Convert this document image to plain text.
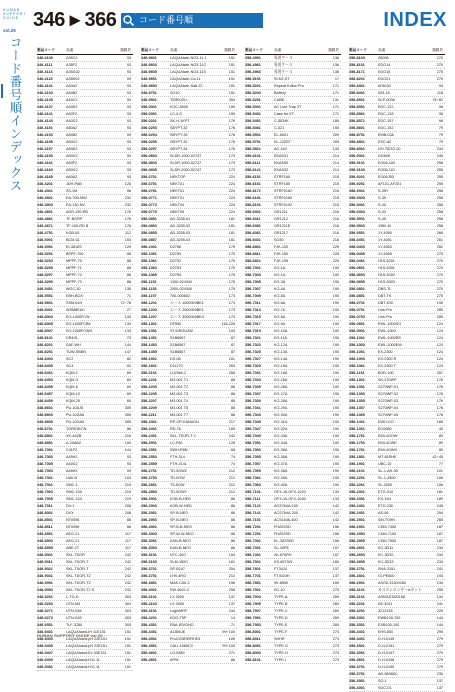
H U M A N
S U P P O R T
G U I D E
vol.29
コード番号順インデックス
346 ▸ 366	コード番号順	INDEX
製品コード	品番	掲載頁
346-4109	A35C2	93
346-4111	A35F2	93
346-4113	A35G02	93
346-4115	A35H02	93
346-4131	A40A2	93
346-4133	A40B2	93
346-4135	A40C2	93
346-4137	A40D2	93
346-4141	A40F2	93
346-4143	A40G2	93
346-4151	A50A2	93
346-4153	A50B2	93
346-4155	A50C2	93
346-4157	A50D2	93
346-4159	A50G2	93
346-4161	A50F2	93
346-4163	A50G2	93
346-4165	A60A2	93
346-4201	JDH-PAB	126
346-4301	ZS-1M	96
346-4501	EA-70B-MW	232
346-4503	EA-130-NV	232
346-4651	ADR-190-RB	176
346-4661	TF-BORP	176
346-4671	TF-100-RD B	178
346-4751	KGB-05	112
346-5001	BCM-01	153
346-5051	EI-3810S	125
346-5251	BPPF-700	88
346-5253	MPPF-70	88
346-5255	MPPF-71	88
346-5257	MPPF-72	88
346-5259	MPPF-73	88
346-5451	WGC-30	135
346-5551	EBH-BOX	71
346-5601	SSM-61H	72~76
346-6001	WSM8EAC	27
346-6003	EO-1000FCW	133
346-6005	EO-1000FCBK	133
346-6007	EO-1000FCWG	133
346-6101	DR4GL	73
346-6201	SAF-WH	144
346-6251	TUW-SBBN	147
346-6403	SC2	82
346-6405	SC4	82
346-6451	KQM-2	69
346-6453	KQM-3	69
346-6455	KQM-5	69
346-6457	KQM-10	69
346-6459	KQM-25	69
346-6601	PU-10AJ5	305
346-6603	PU-10GA6	305
346-6605	PU-10GA6	305
346-6701	TORE3ECN	86
346-6801	VK-A32B	218
346-6851	A-20AB2	100
346-7001	C41F2	144
346-7003	A45H2	93
346-7005	A40G2	93
346-7053	A45H3	93
346-7301	UAV-B	103
346-7901	SMC-1	219
346-7903	SMC-100	219
346-7905	SMC-103	219
346-7911	DV-1	206
346-8001	DVX	206
346-8501	NT0096	88
346-8511	NT0096	88
346-8551	AEG-21	117
346-8553	AEG-21	117
346-8555	ABE-2T	117
346-9001	SKL-TDOR	242
346-9011	SKL-TDOR-T	242
346-9021	SKL-TDOR-T	242
346-9031	SKL-TDOR-T2	242
346-9051	SKL-TDOR-T2	242
346-9053	SKL-TDOR-T2 D	242
346-9251	L-TG-H	303
346-9253	UTN-M4	303
346-9271	UTN-S45	303
346-9273	UTN-S45	303
346-9351	TLF-3250	303
346-9401	LAQUAhand-IH 11E151	151
346-9403	LAQUAhand-pH 22E151	151
346-9405	LAQUAhand-pH 22E151	151
346-9407	LAQUAhand-Ec 33E151	151
346-9409	LAQUAhand-H11 11	151
346-9451	LAQUAhand-H11 11	151
製品コード	品番	掲載頁
346-9601	LAQUAtwin-NO3-11 1	151
346-9603	LAQUAtwin-NO3-11C	151
346-9605	LAQUAtwin-NO3-11S	151
346-9651	LAQUAtwin-Ca-11	151
346-9653	LAQUAtwin-Salt-22	151
346-9751	SO10	151
346-9901	TIBEKIZU	354
356-0001	KOC-3538	159
356-0051	LC-3-S	159
356-0201	SK-H-1KPT	176
356-0253	SBYPT-32	176
356-0254	SBYPT-33	176
356-0255	SBYPT-32	176
356-0257	SBYPT-34	176
356-0603	SLDR-1000-02747	173
356-0603	SLDR-1000-02747	173
356-0605	SLDR-2000-02747	173
356-0701	NEKTOP	224
356-0751	NEKT01	224
356-0761	NEKT01	224
356-0771	NEKT01	224
356-0773	NEKT04	224
356-0775	NEKT05	224
356-0851	AD-3255-01	181
356-0853	AD-3255-02	181
356-0855	AD-3255-03	181
356-0857	AD-3255-04	181
356-1001	D2758	175
356-1051	D2759	175
356-1061	D2752	175
356-1063	D2753	175
356-1065	D2754	175
356-1151	1200-024340	175
356-1153	2000-024340	175
356-1157	700-000602	173
356-1201	エース 1000009BK1	173
356-1203	エース 2000009BK1	173
356-1207	エース 3000009BK3	173
356-1301	DF550	118-225
356-1351	ST41BGUZW	193
356-1451	S1B6567	87
356-1453	S1B6567	87
356-1455	S1B6567	87
356-1501	DX-08	161
356-1601	D11179	263
356-2151	LU2WA-2	268
356-2201	M3-001 T1	88
356-2203	M3-001 T2	88
356-2205	M3-001 T3	88
356-2207	M3-001 T4	88
356-2209	M3-001 T5	88
356-2211	M3-001 T7	88
356-2301	RP-OP-KANAGU	217
356-2401	RD-76	165
356-2451	SKL-TDOR-T 2	242
356-2501	LC-F82	128
356-2551	SWH-R5N	68
356-2553	FTH-314	74
356-2555	FTH-314L	74
356-2751	TD-5OW2	212
356-2753	TD-5OW	212
356-2851	TS-5OW	212
356-2853	TD-5OW7	212
356-2901	KOB-B-HED	86
356-2903	KOB-W-HED	86
356-2951	SP-B-NEO	86
356-2953	SP-B-NEO	86
356-3001	SP-B-B-NEO	86
356-3003	SP-W-W-NEO	86
356-3051	KAN-B-NEO	86
356-3053	KAN-B-NEO	86
356-3151	UTC-40G	154
356-3153	SLM-150C	161
356-3701	SP-B247	254
356-3751	LHV-4RG	212
356-3851	MAK-C00-2	158
356-4001	KW-3002-2	258
356-4101	LX 3000	137
356-4103	LX 3000	137
356-4151	LoginMRF	244
356-4201	KOO-T5P	14
356-4351	EBA-RIVOHO	71
356-4451	A1850JE	99~100
356-4501	ProCONREIRHD1	105
356-4551	CALI-1560CV	99~100
356-4601	LG-5389	271
356-4651	APW	86
製品コード	品番	掲載頁
356-4951	専用ケース	136
356-4961	専用ケース	136
356-4963	専用ケース	136
356-5151	SI-KZ-KT	17
356-5201	Repeat Editor Pro	171
356-5203	Battery	171
356-5251	CUBE	131
356-5301	AC Line Trap 3T	171
356-5401	Case for KT	171
356-5451	C-3034K	189
356-5461	C-021	190
356-5501	EL-6001	209
356-5751	KL-120ST	209
356-5821	AC-140	133
356-6101	EKAS31	214
356-6111	EKAS50	214
356-6121	EKAS32	214
356-6151	STRF160	215
356-6161	STRF185	215
356-6171	STRF0162	215
356-6181	STRF0180	215
356-6191	STRF0192	215
356-6301	GR1211	216
356-6311	GR1212	216
356-6351	GR1211E	216
356-6361	GR1217	216
356-6401	SO30	216
356-6801	FJK-100	225
356-6811	FJK-150	225
356-6821	FJK-195	225
356-7001	KO-1A	190
356-7003	KO-1A	190
356-7005	KO-3A	190
356-7007	KO-4A	190
356-7009	KO-5A	190
356-7011	KO-6A	190
356-7013	KO-7A	190
356-7015	KO-8A	190
356-7017	KO-9A	190
356-7019	KO-10A	190
356-7021	KO-11A	190
356-7023	KO-12A	190
356-7025	KO-13A	190
356-7027	KO-14A	190
356-7029	KO-15A	190
356-7031	KO-16A	190
356-7033	KO-25A	190
356-7035	KO-26A	190
356-7037	KO-27A	190
356-7039	KO-28A	190
356-7041	KO-29A	190
356-7043	KO-30A	190
356-7045	KO-31A	190
356-7047	KO-32A	190
356-7049	KO-33A	190
356-7051	KO-34A	190
356-7053	KO-35A	190
356-7055	KO-36A	190
356-7057	KO-37A	190
356-7059	KO-38A	190
356-7061	KO-39A	190
356-7063	KO-40A	190
356-7101	OFX-10-OFX-1020	133
356-7111	OFX-10-OFX-1030	133
356-7121	ACS764A-100	142
356-7141	ACS764A-200	142
356-7151	ACS1646-300	142
356-7201	FHZ03SD	156
356-7251	FHZ03SD	156
356-7301	KL-302SED	156
356-7351	SL-20PE	157
356-7401	2K-870RH	157
356-7501	KS-657301	160
356-7601	FT3424	137
356-7701	FT4024H	137
356-7851	9K-8550	169
356-7901	KC-10	270
356-7903	TYPE-A	269
356-7905	TYPE-B	269
356-7907	TYPE-C	269
356-7951	TYPE-D	269
356-7953	TYPE-E	269
356-8001	TYPE-F	273
356-8011	SHHR	273
356-8051	TYPE-G	273
356-8053	TYPE-H	273
356-8101	TYPE-I	273
製品コード	品番	掲載頁
356-8103	Z6006	270
356-8151	EDO14	270
356-8171	EDO16	270
356-8201	EDO21	270
356-8301	#D5152	94
356-8401	003-18	118
356-8501	SLP-0038	78~82
356-8551	EDC-122	98
356-8561	EDC-128	98
356-8571	EDC-157	98
356-8601	EDC-152	79
356-8751	EMB-03A	79
356-8801	ESC-82	79
356-8901	HO-T5OO-20	244
356-9001	DGM/8	245
356-9101	EO06-100	258
356-9103	EO06-101	255
356-9201	EO06-RD	255
356-9251	AF101-AF201	255
356-9301	S-35Y	258
356-9303	S-39	258
356-9401	S-40	258
356-9403	S-43	258
356-9501	S-45	258
356-9503	1950-M	258
356-9551	1Y-4050	268
356-0451	1Y-4051	261
356-0453	1Y-4053	262
356-0455	1Y-4055	270
356-0461	H1S-5201	270
356-0651	H1S-5301	270
356-0653	H1S-5302	270
356-0655	H1S-5303	270
356-0801	DBS-TL	270
356-0851	DBT-TK	270
356-0701	DBT-400	190
356-0751	Link-Pro	285
356-0753	Link-Pro	285
356-0851	EWL-1000SG	124
356-0901	EWL-1000	124
356-1001	EWL-1000RS	124
356-1003	EWL-1000EW	124
356-1051	EX-2300	124
356-1053	EX-2300 R	124
356-1061	EX-2300 T	124
356-1151	BOD-100	257
356-1301	SK-270WP	176
356-1351	S270WP-01	176
356-1353	S270WP-02	176
356-1355	S270WP-03	176
356-1357	S270WP-04	176
356-1359	S270WP-05	176
356-1401	EWO-KO	168
356-1451	EC0080	40
356-1751	EMI-4GOW	89
356-1753	EMI-4CWE	89
356-1761	EMI-4GWH	89
356-1851	MT-81RHE	42~45
356-1901	UBC-10	77
356-2101	SL-1-AH-30	101
356-2251	SL-1-3300	106
356-2261	SL-2000	106
356-2301	ETG-010	181
356-2351	EX-11N	189
356-2401	ETH-230	245
356-2451	AS-06	254
356-2501	SM-TO9N	265
356-2551	CDM-7300	187
356-2553	CDM-7100	187
356-2555	CDM-7500	187
356-2651	KC-3D11	234
356-2653	KC-3D32	234
356-2655	KC-3D33	234
356-2751	SHA-3151	241
356-2801	GI-PE600	193
356-2901	ASG0-3130/4/80	134
356-3101	カスタムセンサーAキット	255
356-3151	A9531E15/0158	134
356-3201	KE-3011	241
356-3251	3212318	225
356-3301	EWB100-700	144
356-3351	EXB100-100	144
356-3401	EHS-600	295
356-3451	D-H-0145	279
356-3501	D-H-0151	279
356-3551	D-H-0197	279
356-3651	D-H-0198	279
356-3701	D-H-0199	279
356-3751	AD-5696DL	230
356-3951	SO-1	137
356-4001	SGC-01	137
HUMAN SUPPORT GUIDE vol.29
